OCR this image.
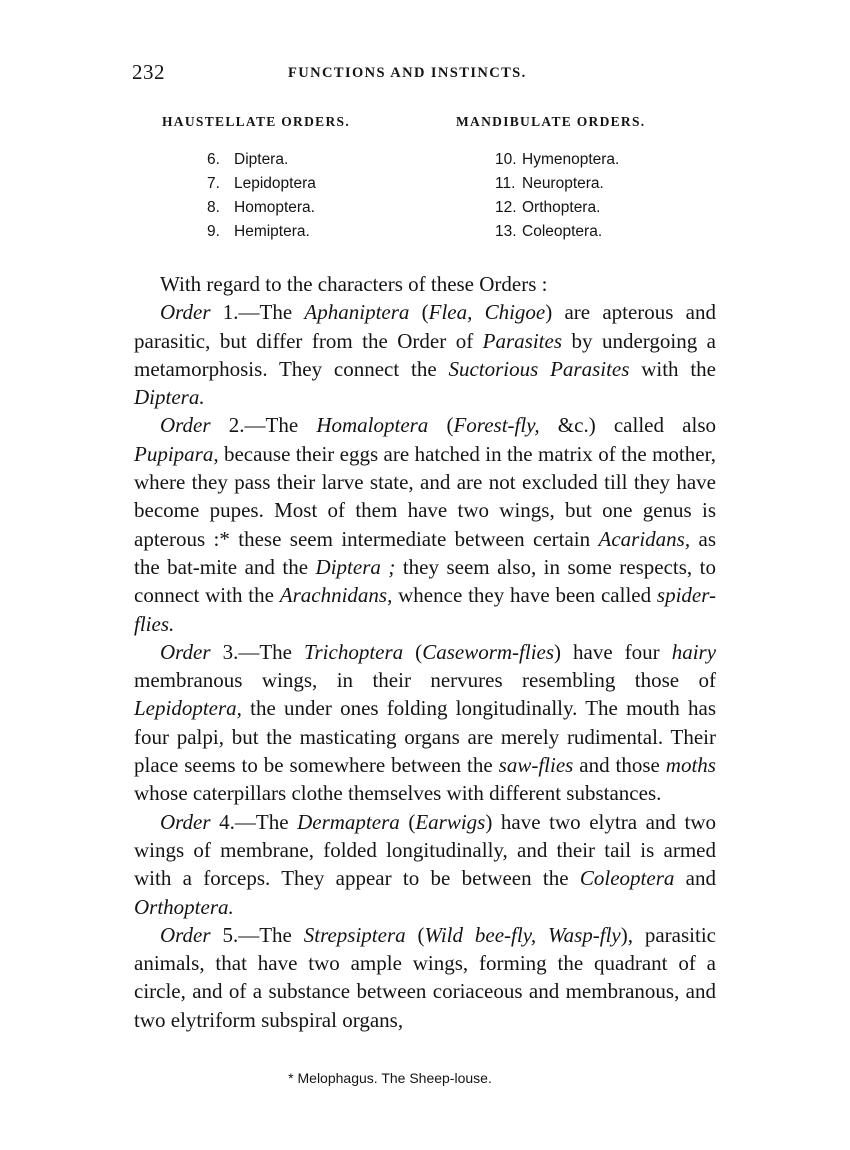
232	FUNCTIONS AND INSTINCTS.
HAUSTELLATE ORDERS.	MANDIBULATE ORDERS.
6. Diptera.
7. Lepidoptera
8. Homoptera.
9. Hemiptera.
10. Hymenoptera.
11. Neuroptera.
12. Orthoptera.
13. Coleoptera.

With regard to the characters of these Orders :

Order 1.—The Aphaniptera (Flea, Chigoe) are apterous and parasitic, but differ from the Order of Parasites by undergoing a metamorphosis. They connect the Suctorious Parasites with the Diptera.

Order 2.—The Homaloptera (Forest-fly, &c.) called also Pupipara, because their eggs are hatched in the matrix of the mother, where they pass their larve state, and are not excluded till they have become pupes. Most of them have two wings, but one genus is apterous :* these seem intermediate between certain Acaridans, as the bat-mite and the Diptera ; they seem also, in some respects, to connect with the Arachnidans, whence they have been called spider-flies.

Order 3.—The Trichoptera (Caseworm-flies) have four hairy membranous wings, in their nervures resembling those of Lepidoptera, the under ones folding longitudinally. The mouth has four palpi, but the masticating organs are merely rudimental. Their place seems to be somewhere between the saw-flies and those moths whose caterpillars clothe themselves with different substances.

Order 4.—The Dermaptera (Earwigs) have two elytra and two wings of membrane, folded longitudinally, and their tail is armed with a forceps. They appear to be between the Coleoptera and Orthoptera.

Order 5.—The Strepsiptera (Wild bee-fly, Wasp-fly), parasitic animals, that have two ample wings, forming the quadrant of a circle, and of a substance between coriaceous and membranous, and two elytriform subspiral organs,

* Melophagus. The Sheep-louse.
